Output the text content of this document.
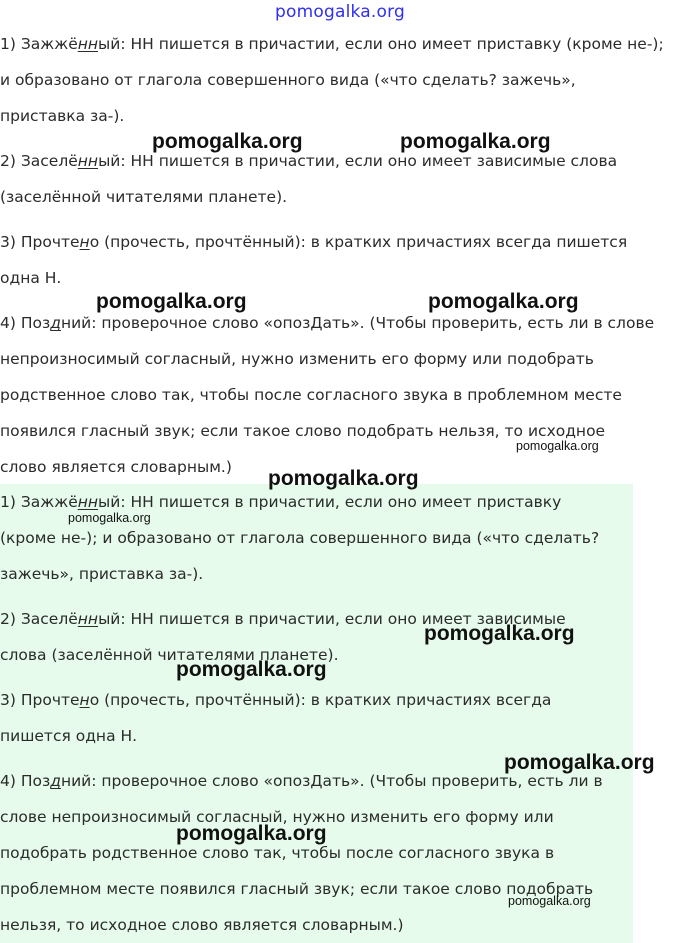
pomogalka.org
1) Зажжённый: НН пишется в причастии, если оно имеет приставку (кроме не-);
и образовано от глагола совершенного вида («что сделать? зажечь»,
приставка за-).
2) Заселённый: НН пишется в причастии, если оно имеет зависимые слова
(заселённой читателями планете).
3) Прочтено (прочесть, прочтённый): в кратких причастиях всегда пишется
одна Н.
4) Поздний: проверочное слово «опозДать». (Чтобы проверить, есть ли в слове
непроизносимый согласный, нужно изменить его форму или подобрать
родственное слово так, чтобы после согласного звука в проблемном месте
появился гласный звук; если такое слово подобрать нельзя, то исходное
слово является словарным.)
1) Зажжённый: НН пишется в причастии, если оно имеет приставку
(кроме не-); и образовано от глагола совершенного вида («что сделать?
зажечь», приставка за-).
2) Заселённый: НН пишется в причастии, если оно имеет зависимые
слова (заселённой читателями планете).
3) Прочтено (прочесть, прочтённый): в кратких причастиях всегда
пишется одна Н.
4) Поздний: проверочное слово «опозДать». (Чтобы проверить, есть ли в
слове непроизносимый согласный, нужно изменить его форму или
подобрать родственное слово так, чтобы после согласного звука в
проблемном месте появился гласный звук; если такое слово подобрать
нельзя, то исходное слово является словарным.)
pomogalka.org	pomogalka.org
pomogalka.org	pomogalka.org
pomogalka.org
pomogalka.org
pomogalka.org
pomogalka.org
pomogalka.org
pomogalka.org
pomogalka.org
pomogalka.org
